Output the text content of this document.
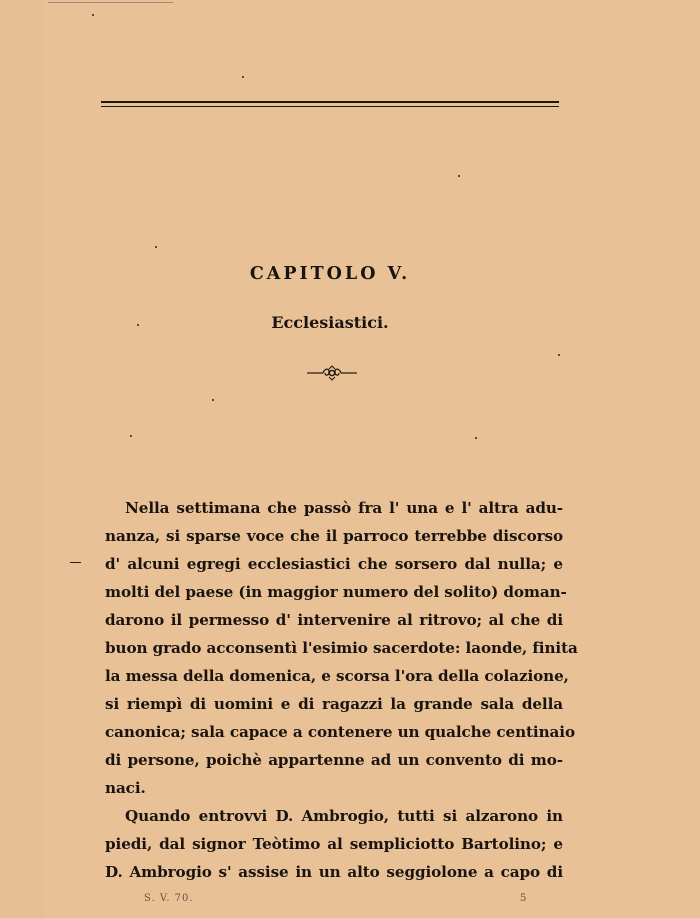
CAPITOLO V.
Ecclesiastici.
Nella settimana che passò fra l' una e l' altra adu-
nanza, si sparse voce che il parroco terrebbe discorso
d' alcuni egregi ecclesiastici che sorsero dal nulla; e
molti del paese (in maggior numero del solito) doman-
darono il permesso d' intervenire al ritrovo; al che di
buon grado acconsentì l'esimio sacerdote: laonde, finita
la messa della domenica, e scorsa l'ora della colazione,
si riempì di uomini e di ragazzi la grande sala della
canonica; sala capace a contenere un qualche centinaio
di persone, poichè appartenne ad un convento di mo-
naci.
Quando entrovvi D. Ambrogio, tutti si alzarono in
piedi, dal signor Teòtimo al sempliciotto Bartolino; e
D. Ambrogio s' assise in un alto seggiolone a capo di
S. V. 70.	5
